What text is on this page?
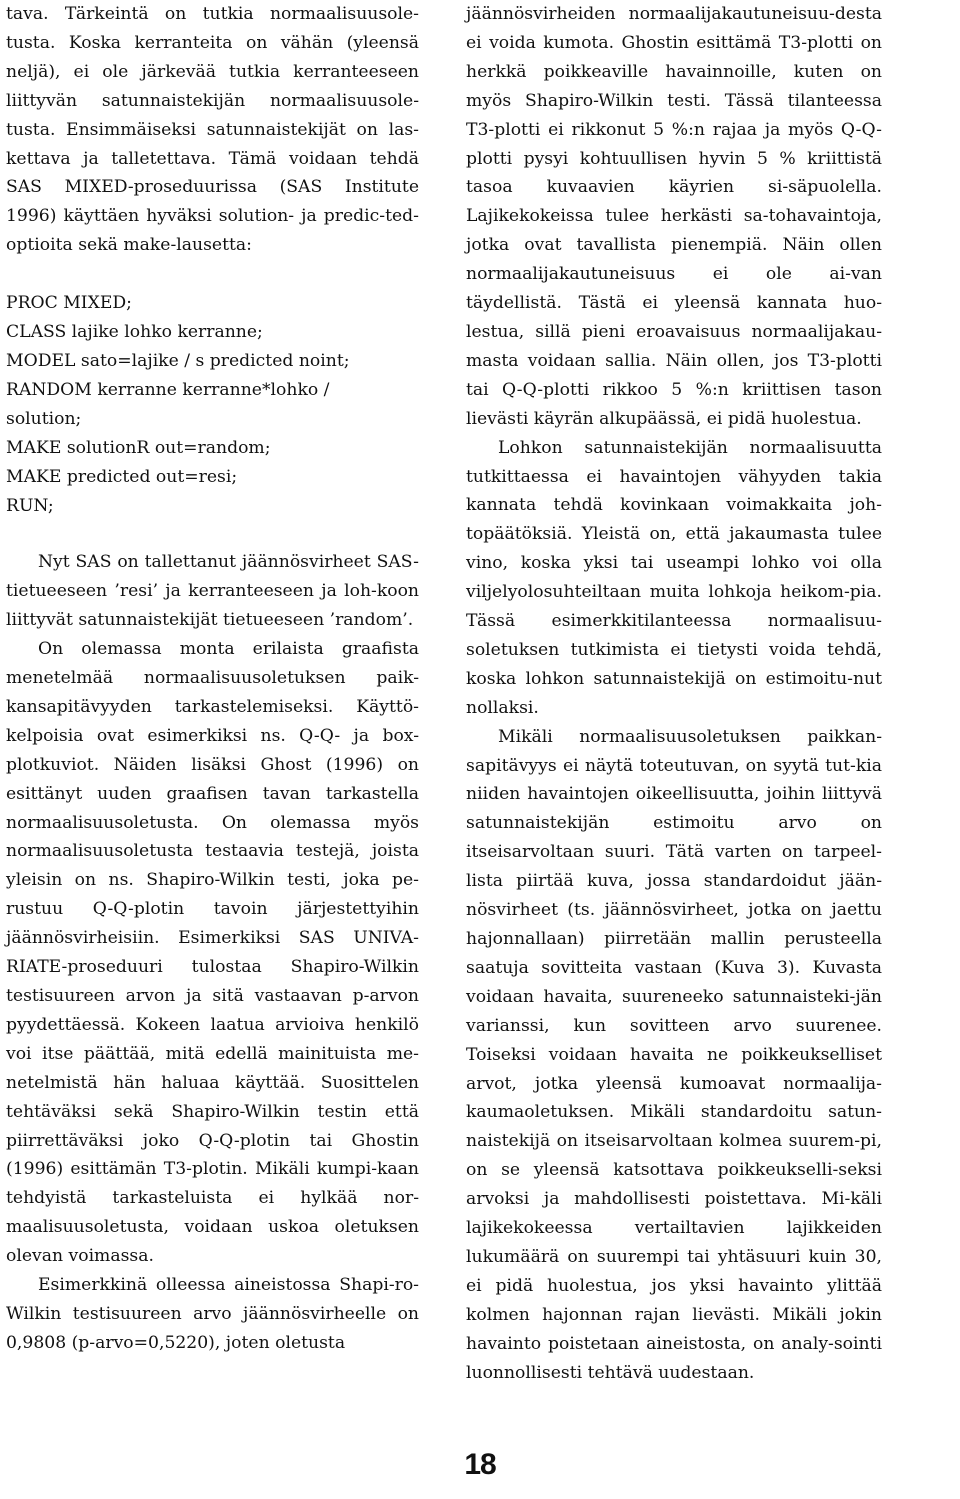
tava. Tärkeintä on tutkia normaalisuusole-tusta. Koska kerranteita on vähän (yleensä neljä), ei ole järkevää tutkia kerranteeseen liittyvän satunnaistekijän normaalisuusole-tusta. Ensimmäiseksi satunnaistekijät on las-kettava ja talletettava. Tämä voidaan tehdä SAS MIXED-proseduurissa (SAS Institute 1996) käyttäen hyväksi solution- ja predic-ted-optioita sekä make-lausetta:

PROC MIXED;
CLASS lajike lohko kerranne;
MODEL sato=lajike / s predicted noint;
RANDOM kerranne kerranne*lohko /
solution;
MAKE solutionR out=random;
MAKE predicted out=resi;
RUN;

Nyt SAS on tallettanut jäännösvirheet SAS-tietueeseen ’resi’ ja kerranteeseen ja loh-koon liittyvät satunnaistekijät tietueeseen ’random’.

On olemassa monta erilaista graafista menetelmää normaalisuusoletuksen paik-kansapitävyyden tarkastelemiseksi. Käyttö-kelpoisia ovat esimerkiksi ns. Q-Q- ja box-plotkuviot. Näiden lisäksi Ghost (1996) on esittänyt uuden graafisen tavan tarkastella normaalisuusoletusta. On olemassa myös normaalisuusoletusta testaavia testejä, joista yleisin on ns. Shapiro-Wilkin testi, joka pe-rustuu Q-Q-plotin tavoin järjestettyihin jäännösvirheisiin. Esimerkiksi SAS UNIVA-RIATE-proseduuri tulostaa Shapiro-Wilkin testisuureen arvon ja sitä vastaavan p-arvon pyydettäessä. Kokeen laatua arvioiva henkilö voi itse päättää, mitä edellä mainituista me-netelmistä hän haluaa käyttää. Suosittelen tehtäväksi sekä Shapiro-Wilkin testin että piirrettäväksi joko Q-Q-plotin tai Ghostin (1996) esittämän T3-plotin. Mikäli kumpi-kaan tehdyistä tarkasteluista ei hylkää nor-maalisuusoletusta, voidaan uskoa oletuksen olevan voimassa.

Esimerkkinä olleessa aineistossa Shapi-ro-Wilkin testisuureen arvo jäännösvirheelle on 0,9808 (p-arvo=0,5220), joten oletusta

jäännösvirheiden normaalijakautuneisuu-desta ei voida kumota. Ghostin esittämä T3-plotti on herkkä poikkeaville havainnoille, kuten on myös Shapiro-Wilkin testi. Tässä tilanteessa T3-plotti ei rikkonut 5 %:n rajaa ja myös Q-Q-plotti pysyi kohtuullisen hyvin 5 % kriittistä tasoa kuvaavien käyrien si-säpuolella. Lajikekokeissa tulee herkästi sa-tohavaintoja, jotka ovat tavallista pienempiä. Näin ollen normaalijakautuneisuus ei ole ai-van täydellistä. Tästä ei yleensä kannata huo-lestua, sillä pieni eroavaisuus normaalijakau-masta voidaan sallia. Näin ollen, jos T3-plotti tai Q-Q-plotti rikkoo 5 %:n kriittisen tason lievästi käyrän alkupäässä, ei pidä huolestua.

Lohkon satunnaistekijän normaalisuutta tutkittaessa ei havaintojen vähyyden takia kannata tehdä kovinkaan voimakkaita joh-topäätöksiä. Yleistä on, että jakaumasta tulee vino, koska yksi tai useampi lohko voi olla viljelyolosuhteiltaan muita lohkoja heikom-pia. Tässä esimerkkitilanteessa normaalisuu-soletuksen tutkimista ei tietysti voida tehdä, koska lohkon satunnaistekijä on estimoitu-nut nollaksi.

Mikäli normaalisuusoletuksen paikkan-sapitävyys ei näytä toteutuvan, on syytä tut-kia niiden havaintojen oikeellisuutta, joihin liittyvä satunnaistekijän estimoitu arvo on itseisarvoltaan suuri. Tätä varten on tarpeel-lista piirtää kuva, jossa standardoidut jään-nösvirheet (ts. jäännösvirheet, jotka on jaettu hajonnallaan) piirretään mallin perusteella saatuja sovitteita vastaan (Kuva 3). Kuvasta voidaan havaita, suureneeko satunnaisteki-jän varianssi, kun sovitteen arvo suurenee. Toiseksi voidaan havaita ne poikkeukselliset arvot, jotka yleensä kumoavat normaalija-kaumaoletuksen. Mikäli standardoitu satun-naistekijä on itseisarvoltaan kolmea suurem-pi, on se yleensä katsottava poikkeukselli-seksi arvoksi ja mahdollisesti poistettava. Mi-käli lajikekokeessa vertailtavien lajikkeiden lukumäärä on suurempi tai yhtäsuuri kuin 30, ei pidä huolestua, jos yksi havainto ylittää kolmen hajonnan rajan lievästi. Mikäli jokin havainto poistetaan aineistosta, on analy-sointi luonnollisesti tehtävä uudestaan.

18
